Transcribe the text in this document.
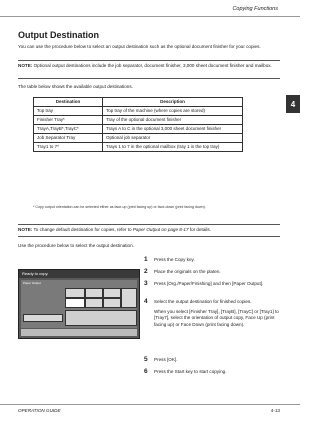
Copying Functions
4
Output Destination
You can use the procedure below to select an output destination such as the optional document finisher for your copies.
NOTE: Optional output destinations include the job separator, document finisher, 3,000 sheet document finisher and mailbox.
The table below shows the available output destinations.
Destination	Description
Top tray	Top tray of the machine (where copies are stored)
Finisher Tray*	Tray of the optional document finisher
TrayA,TrayB*,TrayC*	Trays A to C in the optional 3,000 sheet document finisher
Job Separator Tray	Optional job separator
Tray1 to 7*	Trays 1 to 7 in the optional mailbox (tray 1 is the top tray)
* Copy output orientation can be selected either as face-up (print facing up) or face-down (print facing down).
NOTE: To change default destination for copies, refer to Paper Output on page 8-17 for details.
Use the procedure below to select the output destination.
1 Press the Copy key.
2 Place the originals on the platen.
3 Press [Org./Paper/Finishing] and then [Paper Output].
4 Select the output destination for finished copies.
When you select [Finisher Tray], [TrayB], [TrayC] or [Tray1] to [Tray7], select the orientation of output copy, Face Up (print facing up) or Face Down (print facing down).
5 Press [OK].
6 Press the Start key to start copying.
Ready to copy.
Paper Output
OPERATION GUIDE	4-13
